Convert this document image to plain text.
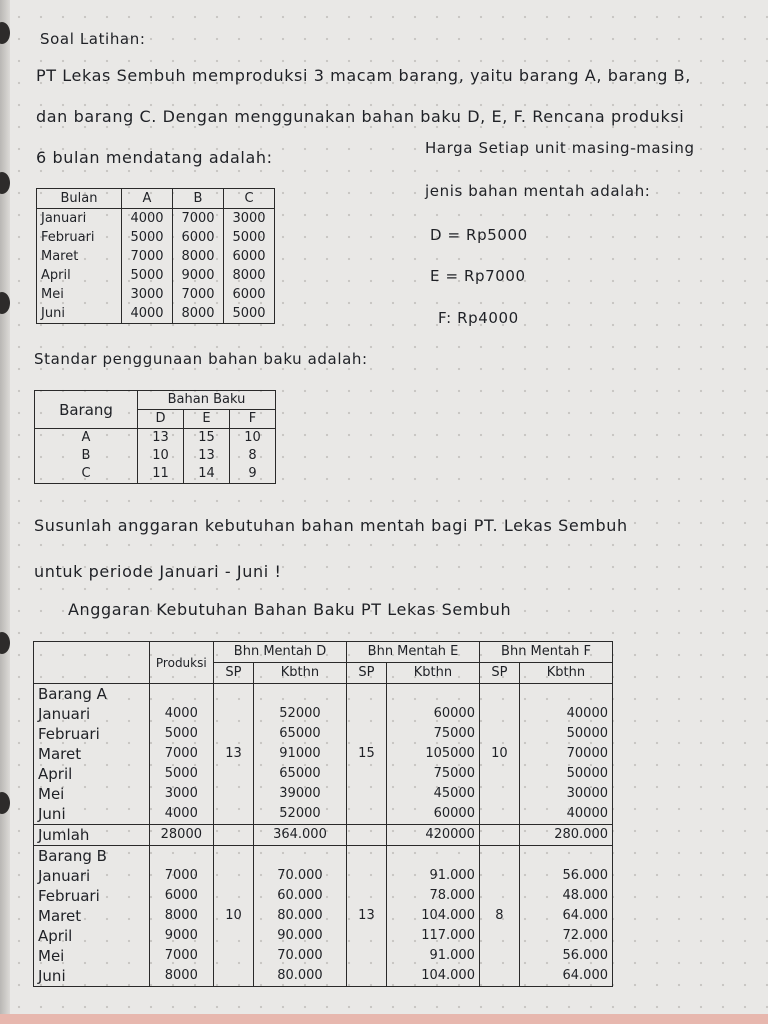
Soal Latihan:
PT Lekas Sembuh memproduksi 3 macam barang, yaitu barang A, barang B,
dan barang C. Dengan menggunakan bahan baku D, E, F. Rencana produksi
6 bulan mendatang adalah:	Harga Setiap unit masing-masing
jenis bahan mentah adalah:
D = Rp5000
E = Rp7000
F: Rp4000
Bulan	A	B	C
Januari	4000	7000	3000
Februari	5000	6000	5000
Maret	7000	8000	6000
April	5000	9000	8000
Mei	3000	7000	6000
Juni	4000	8000	5000
Standar penggunaan bahan baku adalah:
Barang	Bahan Baku		
	D	E	F
A	13	15	10
B	10	13	8
C	11	14	9
Susunlah anggaran kebutuhan bahan mentah bagi PT. Lekas Sembuh
untuk periode Januari - Juni !
Anggaran Kebutuhan Bahan Baku PT Lekas Sembuh
	Produksi	Bhn Mentah D		Bhn Mentah E		Bhn Mentah F	
		SP	Kbthn	SP	Kbthn	SP	Kbthn
Barang A		13		15		10	
Januari	4000		52000		60000		40000
Februari	5000		65000		75000		50000
Maret	7000		91000		105000		70000
April	5000		65000		75000		50000
Mei	3000		39000		45000		30000
Juni	4000		52000		60000		40000
Jumlah	28000		364.000		420000		280.000
Barang B		10		13		8	
Januari	7000		70.000		91.000		56.000
Februari	6000		60.000		78.000		48.000
Maret	8000		80.000		104.000		64.000
April	9000		90.000		117.000		72.000
Mei	7000		70.000		91.000		56.000
Juni	8000		80.000		104.000		64.000
